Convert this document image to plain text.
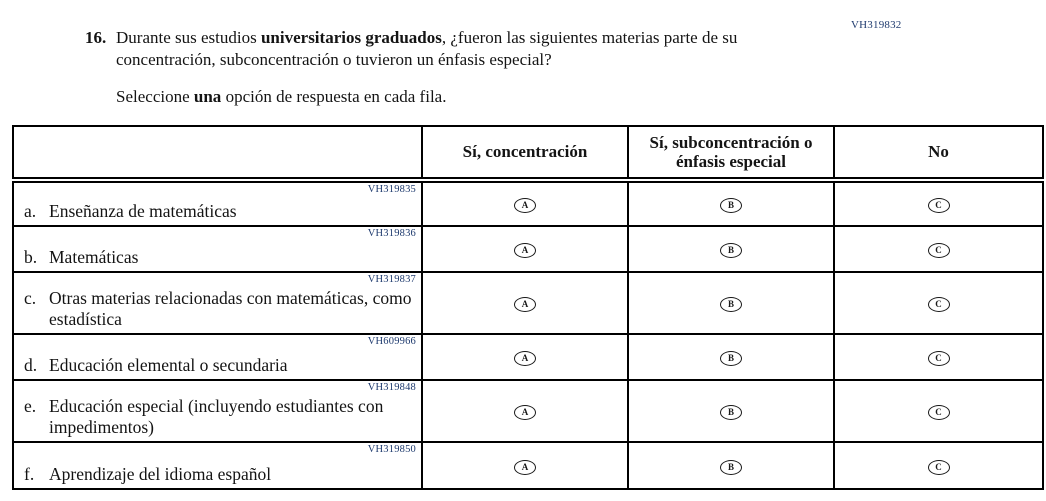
VH319832
16. Durante sus estudios universitarios graduados, ¿fueron las siguientes materias parte de su concentración, subconcentración o tuvieron un énfasis especial?
Seleccione una opción de respuesta en cada fila.
	Sí, concentración	Sí, subconcentración o énfasis especial	No

VH319835
a. Enseñanza de matemáticas	A	B	C

VH319836
b. Matemáticas	A	B	C

VH319837
c. Otras materias relacionadas con matemáticas, como estadística	A	B	C

VH609966
d. Educación elemental o secundaria	A	B	C

VH319848
e. Educación especial (incluyendo estudiantes con impedimentos)	A	B	C

VH319850
f. Aprendizaje del idioma español	A	B	C
